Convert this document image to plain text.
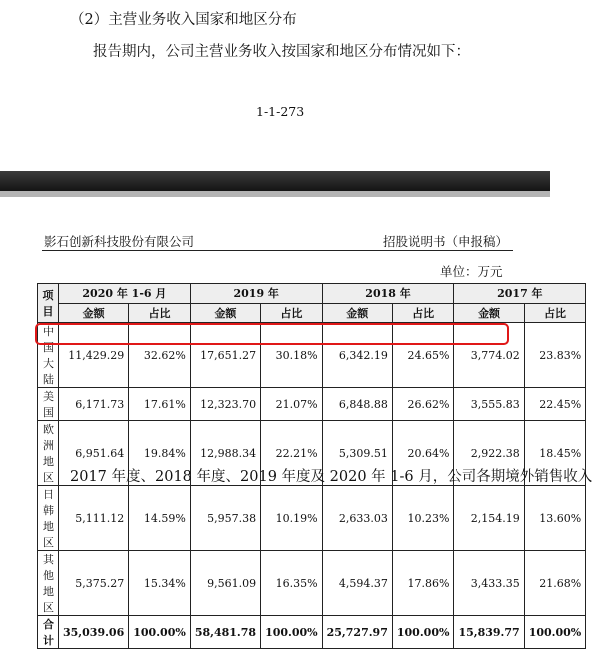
（2）主营业务收入国家和地区分布
报告期内，公司主营业务收入按国家和地区分布情况如下：
1-1-273
影石创新科技股份有限公司	招股说明书（申报稿）
单位：万元
项目	2020 年 1-6 月		2019 年		2018 年		2017 年	
	金额	占比	金额	占比	金额	占比	金额	占比
中国大陆	11,429.29	32.62%	17,651.27	30.18%	6,342.19	24.65%	3,774.02	23.83%
美国	6,171.73	17.61%	12,323.70	21.07%	6,848.88	26.62%	3,555.83	22.45%
欧洲地区	6,951.64	19.84%	12,988.34	22.21%	5,309.51	20.64%	2,922.38	18.45%
日韩地区	5,111.12	14.59%	5,957.38	10.19%	2,633.03	10.23%	2,154.19	13.60%
其他地区	5,375.27	15.34%	9,561.09	16.35%	4,594.37	17.86%	3,433.35	21.68%
合计	35,039.06	100.00%	58,481.78	100.00%	25,727.97	100.00%	15,839.77	100.00%
2017 年度、2018 年度、2019 年度及 2020 年 1-6 月，公司各期境外销售收入
